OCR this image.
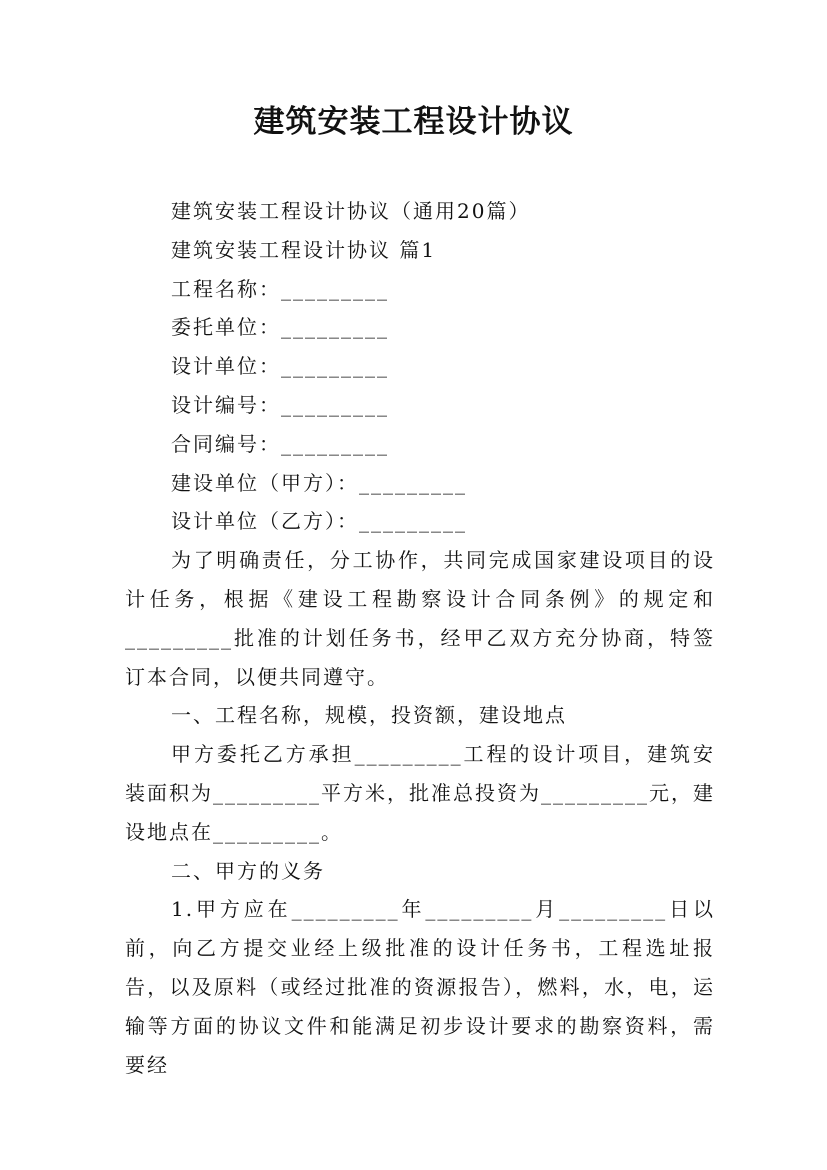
建筑安装工程设计协议
建筑安装工程设计协议（通用20篇）
建筑安装工程设计协议 篇1
工程名称：_________
委托单位：_________
设计单位：_________
设计编号：_________
合同编号：_________
建设单位（甲方）：_________
设计单位（乙方）：_________
为了明确责任，分工协作，共同完成国家建设项目的设计任务，根据《建设工程勘察设计合同条例》的规定和_________批准的计划任务书，经甲乙双方充分协商，特签订本合同，以便共同遵守。
一、工程名称，规模，投资额，建设地点
甲方委托乙方承担_________工程的设计项目，建筑安装面积为_________平方米，批准总投资为_________元，建设地点在_________。
二、甲方的义务
1.甲方应在_________年_________月_________日以前，向乙方提交业经上级批准的设计任务书，工程选址报告，以及原料（或经过批准的资源报告），燃料，水，电，运输等方面的协议文件和能满足初步设计要求的勘察资料，需要经
